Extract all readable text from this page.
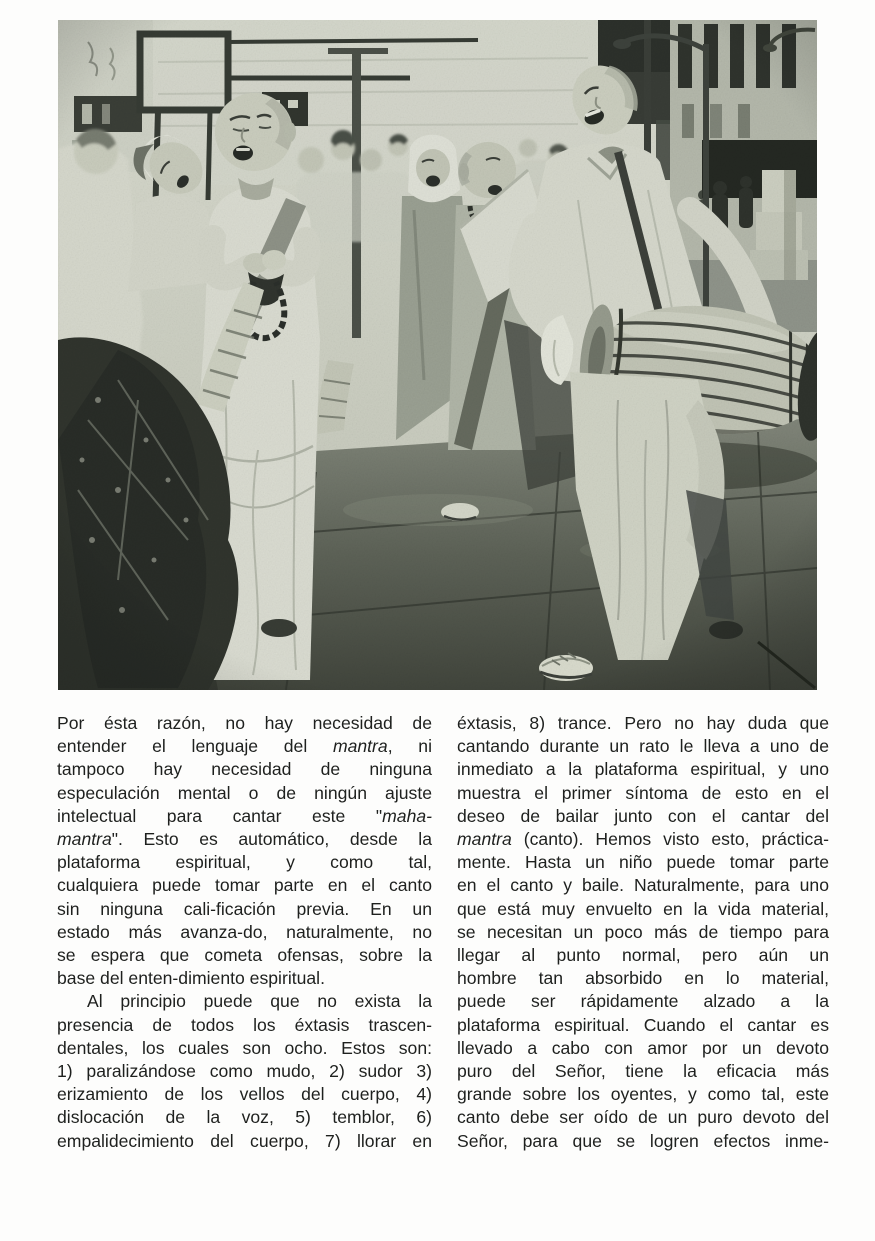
Por ésta razón, no hay necesidad de
entender el lenguaje del mantra, ni
tampoco hay necesidad de ninguna
especulación mental o de ningún ajuste
intelectual para cantar este "maha-
mantra". Esto es automático, desde la
plataforma espiritual, y como tal,
cualquiera puede tomar parte en el canto
sin ninguna cali-ficación previa. En un
estado más avanza-do, naturalmente, no
se espera que cometa ofensas, sobre la
base del enten-dimiento espiritual.
Al principio puede que no exista la
presencia de todos los éxtasis trascen-
dentales, los cuales son ocho. Estos son:
1) paralizándose como mudo, 2) sudor 3)
erizamiento de los vellos del cuerpo, 4)
dislocación de la voz, 5) temblor, 6)
empalidecimiento del cuerpo, 7) llorar en
éxtasis, 8) trance. Pero no hay duda que
cantando durante un rato le lleva a uno de
inmediato a la plataforma espiritual, y uno
muestra el primer síntoma de esto en el
deseo de bailar junto con el cantar del
mantra (canto). Hemos visto esto, práctica-
mente. Hasta un niño puede tomar parte
en el canto y baile. Naturalmente, para uno
que está muy envuelto en la vida material,
se necesitan un poco más de tiempo para
llegar al punto normal, pero aún un
hombre tan absorbido en lo material,
puede ser rápidamente alzado a la
plataforma espiritual. Cuando el cantar es
llevado a cabo con amor por un devoto
puro del Señor, tiene la eficacia más
grande sobre los oyentes, y como tal, este
canto debe ser oído de un puro devoto del
Señor, para que se logren efectos inme-
